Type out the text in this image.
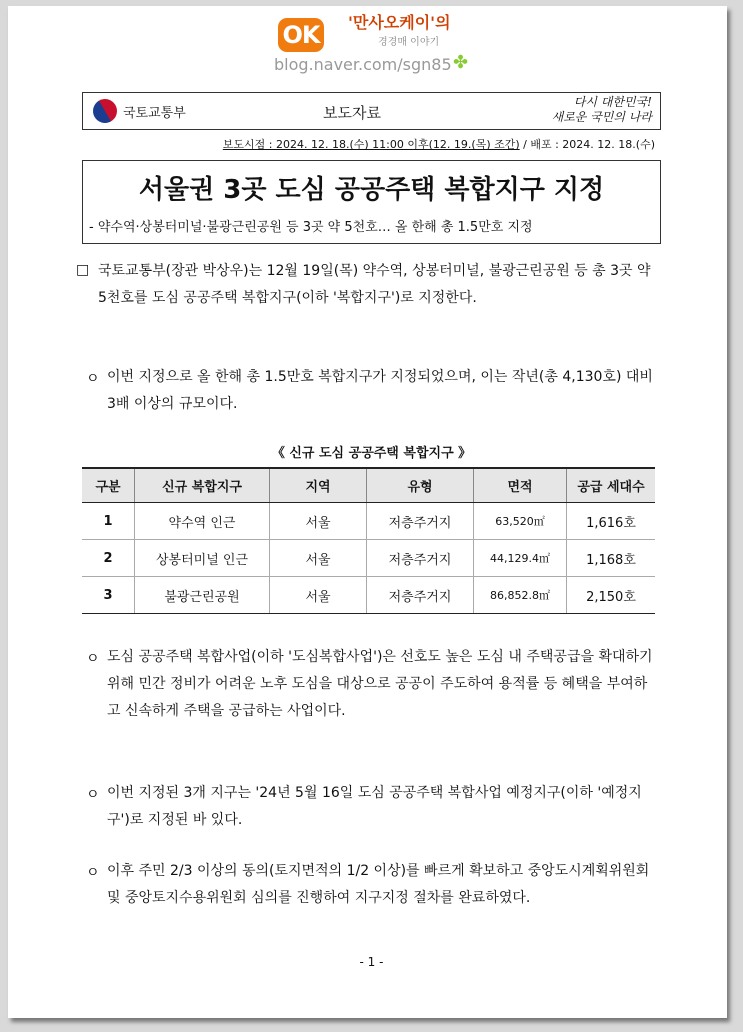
OK '만사오케이'의
경경매 이야기
blog.naver.com/sgn85 ✤
국토교통부	보도자료
다시 대한민국!
새로운 국민의 나라
보도시점 : 2024. 12. 18.(수) 11:00 이후(12. 19.(목) 조간) / 배포 : 2024. 12. 18.(수)
서울권 3곳 도심 공공주택 복합지구 지정
- 약수역·상봉터미널·불광근린공원 등 3곳 약 5천호… 올 한해 총 1.5만호 지정
□ 국토교통부(장관 박상우)는 12월 19일(목) 약수역, 상봉터미널, 불광근린공원 등 총 3곳 약 5천호를 도심 공공주택 복합지구(이하 '복합지구')로 지정한다.
ㅇ 이번 지정으로 올 한해 총 1.5만호 복합지구가 지정되었으며, 이는 작년(총 4,130호) 대비 3배 이상의 규모이다.
《 신규 도심 공공주택 복합지구 》
구분	신규 복합지구	지역	유형	면적	공급 세대수
1	약수역 인근	서울	저층주거지	63,520㎡	1,616호
2	상봉터미널 인근	서울	저층주거지	44,129.4㎡	1,168호
3	불광근린공원	서울	저층주거지	86,852.8㎡	2,150호
ㅇ 도심 공공주택 복합사업(이하 '도심복합사업')은 선호도 높은 도심 내 주택공급을 확대하기 위해 민간 정비가 어려운 노후 도심을 대상으로 공공이 주도하여 용적률 등 혜택을 부여하고 신속하게 주택을 공급하는 사업이다.
ㅇ 이번 지정된 3개 지구는 '24년 5월 16일 도심 공공주택 복합사업 예정지구(이하 '예정지구')로 지정된 바 있다.
ㅇ 이후 주민 2/3 이상의 동의(토지면적의 1/2 이상)를 빠르게 확보하고 중앙도시계획위원회 및 중앙토지수용위원회 심의를 진행하여 지구지정 절차를 완료하였다.
- 1 -
